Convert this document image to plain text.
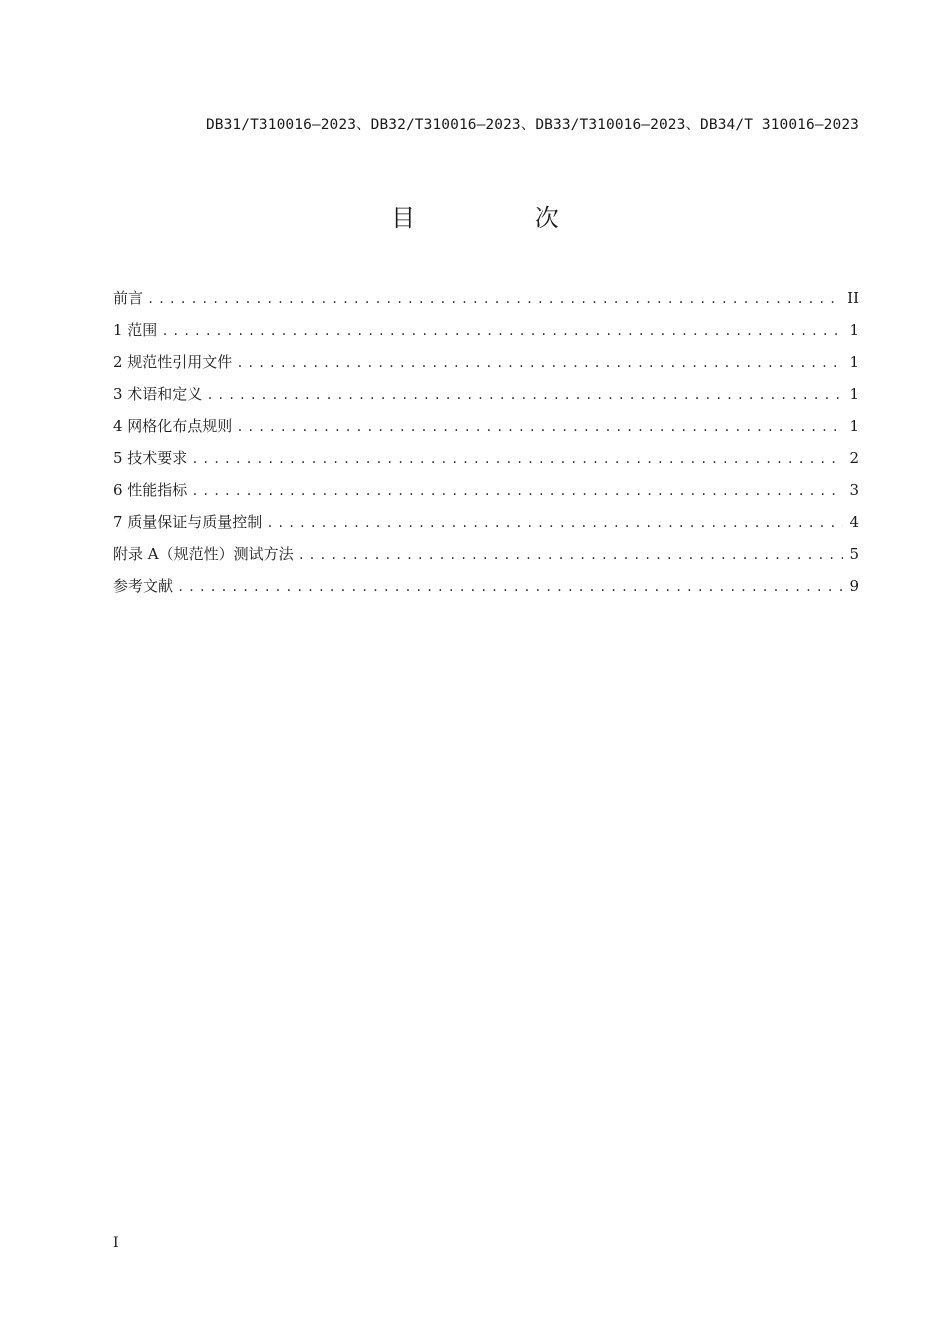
DB31/T310016—2023、DB32/T310016—2023、DB33/T310016—2023、DB34/T 310016—2023
目 次
前言 .....	II
1 范围 .....	1
2 规范性引用文件 .....	1
3 术语和定义 .....	1
4 网格化布点规则 .....	1
5 技术要求 .....	2
6 性能指标 .....	3
7 质量保证与质量控制 .....	4
附录 A（规范性）测试方法 .....	5
参考文献 .....	9
I
